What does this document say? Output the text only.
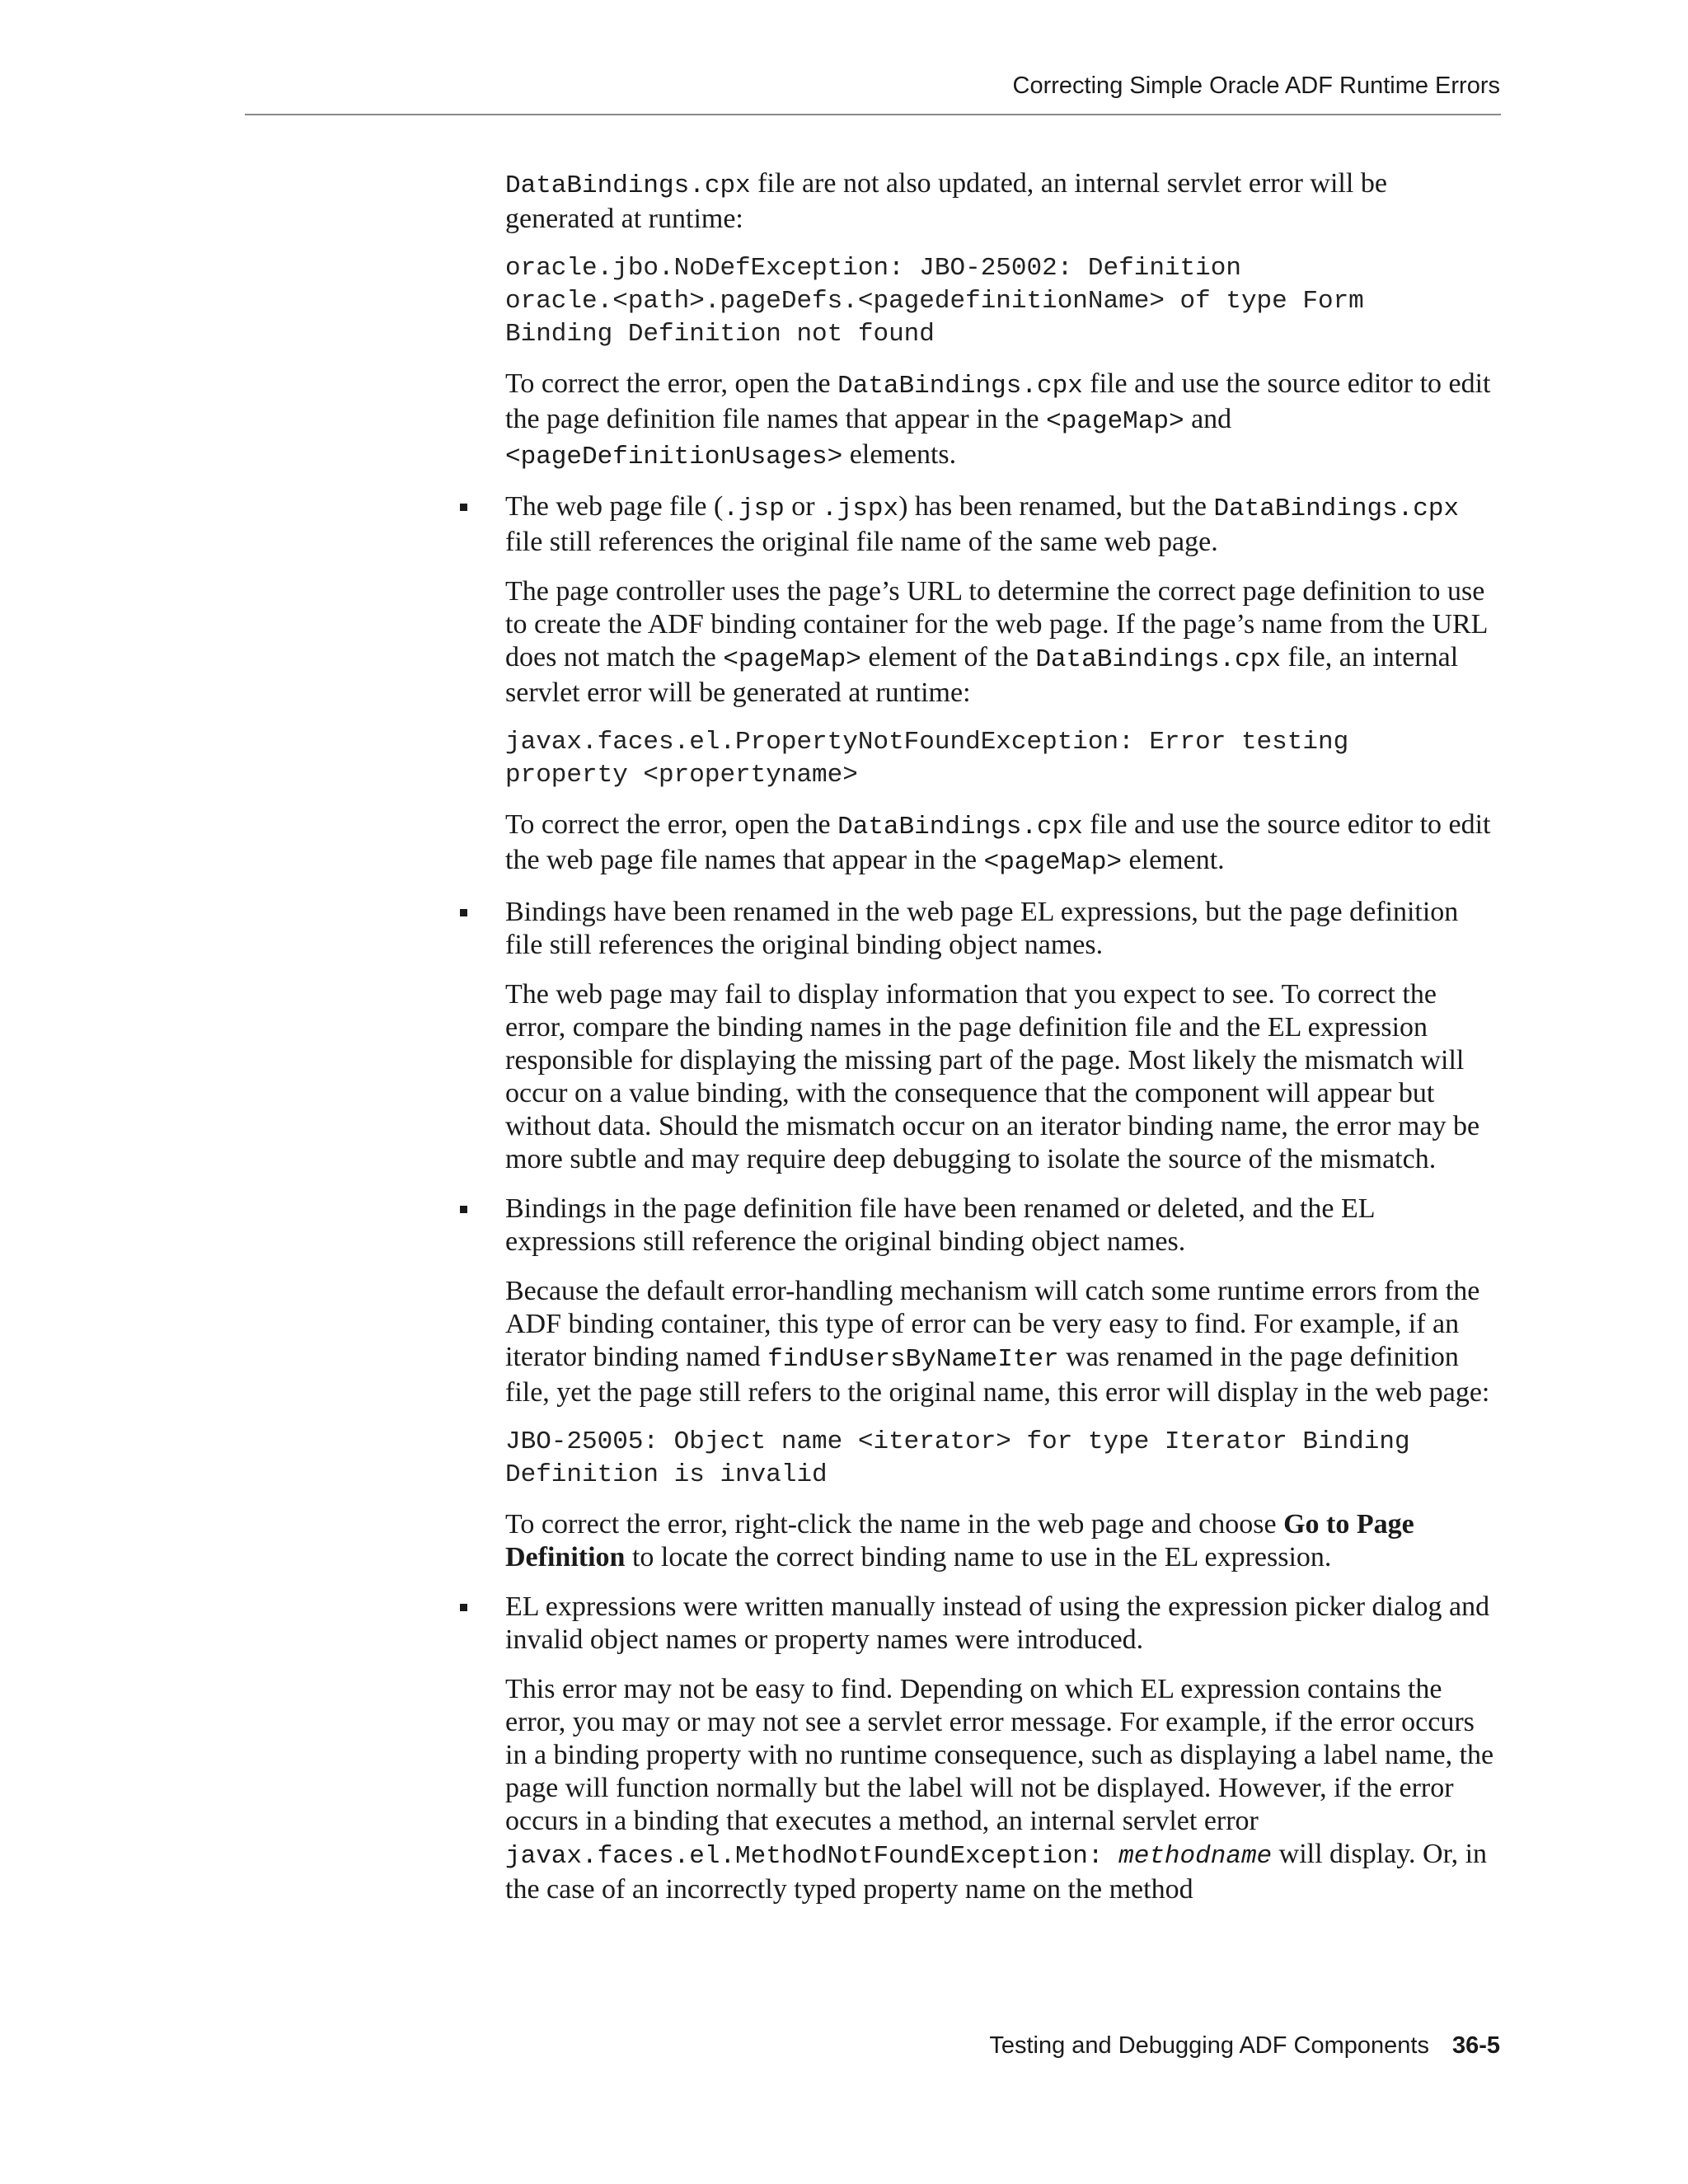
Correcting Simple Oracle ADF Runtime Errors

DataBindings.cpx file are not also updated, an internal servlet error will be generated at runtime:

oracle.jbo.NoDefException: JBO-25002: Definition
oracle.<path>.pageDefs.<pagedefinitionName> of type Form
Binding Definition not found

To correct the error, open the DataBindings.cpx file and use the source editor to edit the page definition file names that appear in the <pageMap> and <pageDefinitionUsages> elements.

The web page file (.jsp or .jspx) has been renamed, but the DataBindings.cpx file still references the original file name of the same web page.

The page controller uses the page’s URL to determine the correct page definition to use to create the ADF binding container for the web page. If the page’s name from the URL does not match the <pageMap> element of the DataBindings.cpx file, an internal servlet error will be generated at runtime:

javax.faces.el.PropertyNotFoundException: Error testing
property <propertyname>

To correct the error, open the DataBindings.cpx file and use the source editor to edit the web page file names that appear in the <pageMap> element.

Bindings have been renamed in the web page EL expressions, but the page definition file still references the original binding object names.

The web page may fail to display information that you expect to see. To correct the error, compare the binding names in the page definition file and the EL expression responsible for displaying the missing part of the page. Most likely the mismatch will occur on a value binding, with the consequence that the component will appear but without data. Should the mismatch occur on an iterator binding name, the error may be more subtle and may require deep debugging to isolate the source of the mismatch.

Bindings in the page definition file have been renamed or deleted, and the EL expressions still reference the original binding object names.

Because the default error-handling mechanism will catch some runtime errors from the ADF binding container, this type of error can be very easy to find. For example, if an iterator binding named findUsersByNameIter was renamed in the page definition file, yet the page still refers to the original name, this error will display in the web page:

JBO-25005: Object name <iterator> for type Iterator Binding
Definition is invalid

To correct the error, right-click the name in the web page and choose Go to Page Definition to locate the correct binding name to use in the EL expression.

EL expressions were written manually instead of using the expression picker dialog and invalid object names or property names were introduced.

This error may not be easy to find. Depending on which EL expression contains the error, you may or may not see a servlet error message. For example, if the error occurs in a binding property with no runtime consequence, such as displaying a label name, the page will function normally but the label will not be displayed. However, if the error occurs in a binding that executes a method, an internal servlet error javax.faces.el.MethodNotFoundException: methodname will display. Or, in the case of an incorrectly typed property name on the method

Testing and Debugging ADF Components 36-5
